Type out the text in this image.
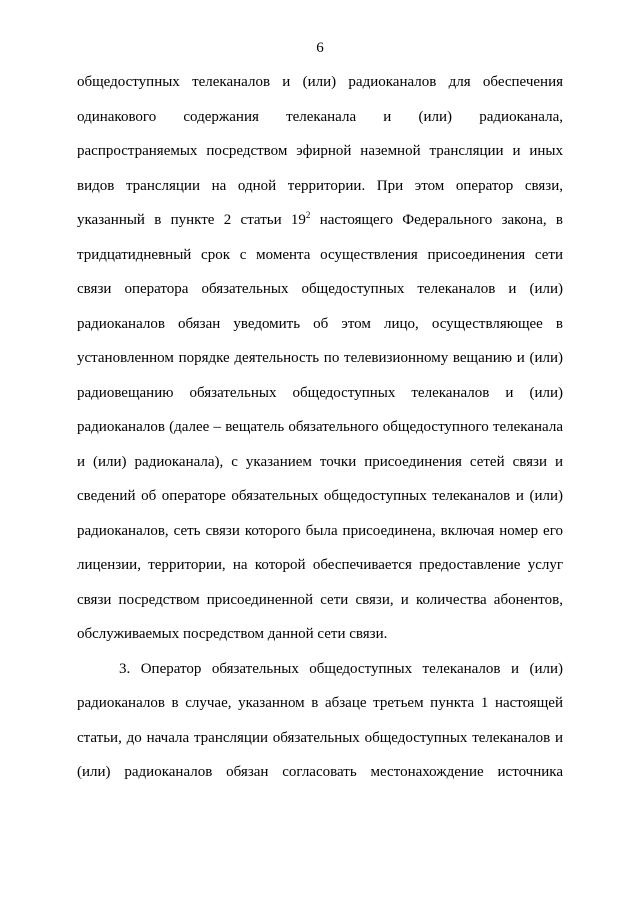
6
общедоступных телеканалов и (или) радиоканалов для обеспечения
одинакового содержания телеканала и (или) радиоканала,
распространяемых посредством эфирной наземной трансляции и иных
видов трансляции на одной территории. При этом оператор связи,
указанный в пункте 2 статьи $19^2$ настоящего Федерального закона, в
тридцатидневный срок с момента осуществления присоединения сети
связи оператора обязательных общедоступных телеканалов и (или)
радиоканалов обязан уведомить об этом лицо, осуществляющее в
установленном порядке деятельность по телевизионному вещанию и (или)
радиовещанию обязательных общедоступных телеканалов и (или)
радиоканалов (далее – вещатель обязательного общедоступного телеканала
и (или) радиоканала), с указанием точки присоединения сетей связи и
сведений об операторе обязательных общедоступных телеканалов и (или)
радиоканалов, сеть связи которого была присоединена, включая номер его
лицензии, территории, на которой обеспечивается предоставление услуг
связи посредством присоединенной сети связи, и количества абонентов,
обслуживаемых посредством данной сети связи.
3. Оператор обязательных общедоступных телеканалов и (или)
радиоканалов в случае, указанном в абзаце третьем пункта 1 настоящей
статьи, до начала трансляции обязательных общедоступных телеканалов и
(или) радиоканалов обязан согласовать местонахождение источника
